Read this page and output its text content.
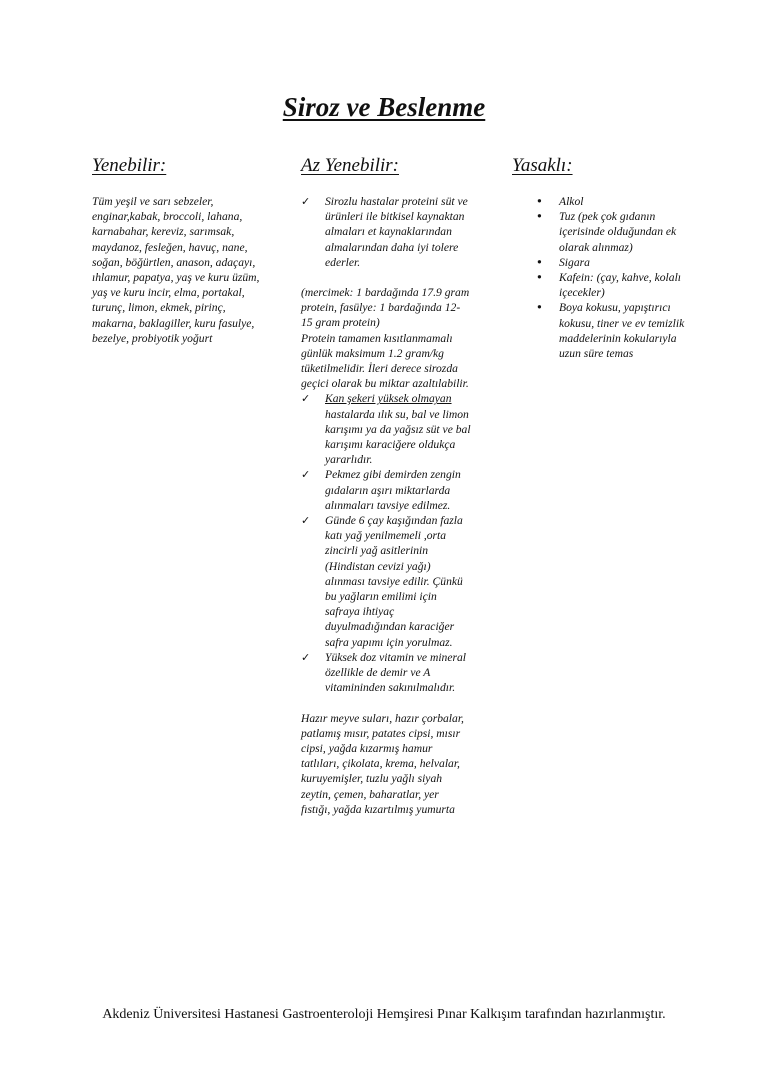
Siroz ve Beslenme
Yenebilir:

Tüm yeşil ve sarı sebzeler, enginar,kabak, broccoli, lahana, karnabahar, kereviz, sarımsak, maydanoz, fesleğen, havuç, nane, soğan, böğürtlen, anason, adaçayı, ıhlamur, papatya, yaş ve kuru üzüm, yaş ve kuru incir, elma, portakal, turunç, limon, ekmek, pirinç, makarna, baklagiller, kuru fasulye, bezelye, probiyotik yoğurt

Az Yenebilir:
✓ Sirozlu hastalar proteini süt ve ürünleri ile bitkisel kaynaktan almaları et kaynaklarından almalarından daha iyi tolere ederler.

(mercimek: 1 bardağında 17.9 gram protein, fasülye: 1 bardağında 12-15 gram protein)

Protein tamamen kısıtlanmamalı günlük maksimum 1.2 gram/kg tüketilmelidir. İleri derece sirozda geçici olarak bu miktar azaltılabilir.

✓ Kan şekeri yüksek olmayan hastalarda ılık su, bal ve limon karışımı ya da yağsız süt ve bal karışımı karaciğere oldukça yararlıdır.
✓ Pekmez gibi demirden zengin gıdaların aşırı miktarlarda alınmaları tavsiye edilmez.
✓ Günde 6 çay kaşığından fazla katı yağ yenilmemeli ,orta zincirli yağ asitlerinin (Hindistan cevizi yağı) alınması tavsiye edilir. Çünkü bu yağların emilimi için safraya ihtiyaç duyulmadığından karaciğer safra yapımı için yorulmaz.
✓ Yüksek doz vitamin ve mineral özellikle de demir ve A vitamininden sakınılmalıdır.

Hazır meyve suları, hazır çorbalar, patlamış mısır, patates cipsi, mısır cipsi, yağda kızarmış hamur tatlıları, çikolata, krema, helvalar, kuruyemişler, tuzlu yağlı siyah zeytin, çemen, baharatlar, yer fıstığı, yağda kızartılmış yumurta

Yasaklı:
• Alkol
• Tuz (pek çok gıdanın içerisinde olduğundan ek olarak alınmaz)
• Sigara
• Kafein: (çay, kahve, kolalı içecekler)
• Boya kokusu, yapıştırıcı kokusu, tiner ve ev temizlik maddelerinin kokularıyla uzun süre temas
Akdeniz Üniversitesi Hastanesi Gastroenteroloji Hemşiresi Pınar Kalkışım tarafından hazırlanmıştır.
